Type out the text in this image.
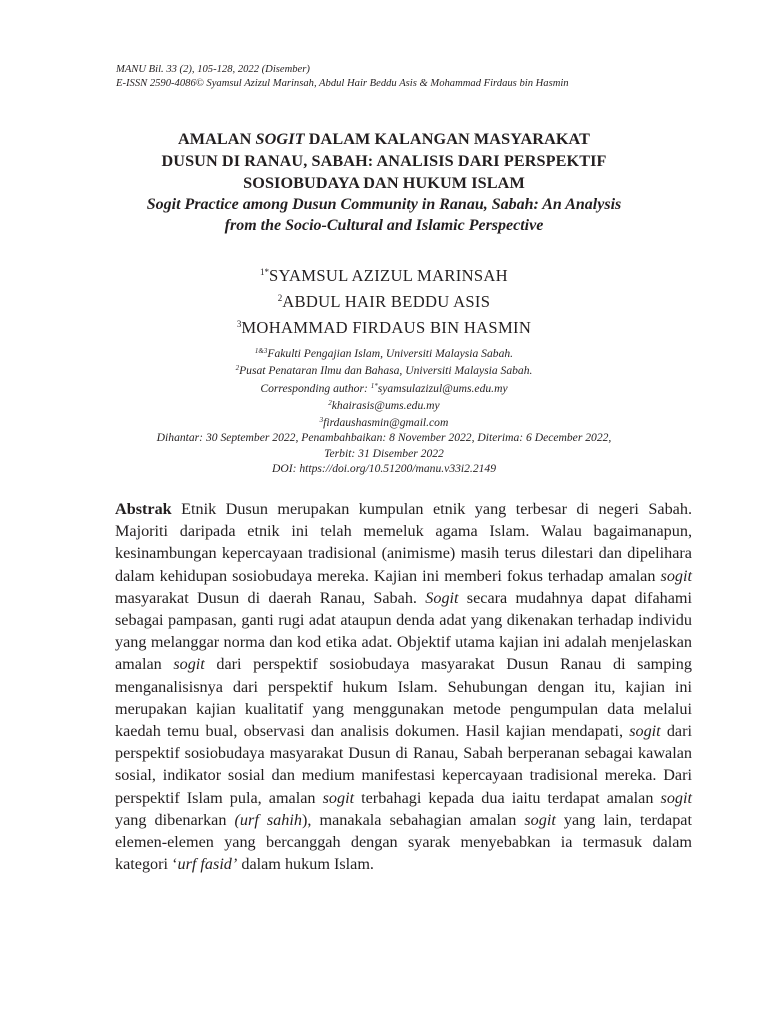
MANU Bil. 33 (2), 105-128, 2022 (Disember)
E-ISSN 2590-4086© Syamsul Azizul Marinsah, Abdul Hair Beddu Asis & Mohammad Firdaus bin Hasmin
AMALAN SOGIT DALAM KALANGAN MASYARAKAT
DUSUN DI RANAU, SABAH: ANALISIS DARI PERSPEKTIF
SOSIOBUDAYA DAN HUKUM ISLAM
Sogit Practice among Dusun Community in Ranau, Sabah: An Analysis
from the Socio-Cultural and Islamic Perspective
$^{1*}$SYAMSUL AZIZUL MARINSAH
$^2$ABDUL HAIR BEDDU ASIS
$^3$MOHAMMAD FIRDAUS BIN HASMIN
$^{1\&3}$Fakulti Pengajian Islam, Universiti Malaysia Sabah.
$^2$Pusat Penataran Ilmu dan Bahasa, Universiti Malaysia Sabah.
Corresponding author: $^{1*}$syamsulazizul@ums.edu.my
$^2$khairasis@ums.edu.my
$^3$firdaushasmin@gmail.com
Dihantar: 30 September 2022, Penambahbaikan: 8 November 2022, Diterima: 6 December 2022,
Terbit: 31 Disember 2022
DOI: https://doi.org/10.51200/manu.v33i2.2149
Abstrak Etnik Dusun merupakan kumpulan etnik yang terbesar di negeri Sabah. Majoriti daripada etnik ini telah memeluk agama Islam. Walau bagaimanapun, kesinambungan kepercayaan tradisional (animisme) masih terus dilestari dan dipelihara dalam kehidupan sosiobudaya mereka. Kajian ini memberi fokus terhadap amalan sogit masyarakat Dusun di daerah Ranau, Sabah. Sogit secara mudahnya dapat difahami sebagai pampasan, ganti rugi adat ataupun denda adat yang dikenakan terhadap individu yang melanggar norma dan kod etika adat. Objektif utama kajian ini adalah menjelaskan amalan sogit dari perspektif sosiobudaya masyarakat Dusun Ranau di samping menganalisisnya dari perspektif hukum Islam. Sehubungan dengan itu, kajian ini merupakan kajian kualitatif yang menggunakan metode pengumpulan data melalui kaedah temu bual, observasi dan analisis dokumen. Hasil kajian mendapati, sogit dari perspektif sosiobudaya masyarakat Dusun di Ranau, Sabah berperanan sebagai kawalan sosial, indikator sosial dan medium manifestasi kepercayaan tradisional mereka. Dari perspektif Islam pula, amalan sogit terbahagi kepada dua iaitu terdapat amalan sogit yang dibenarkan (urf sahih), manakala sebahagian amalan sogit yang lain, terdapat elemen-elemen yang bercanggah dengan syarak menyebabkan ia termasuk dalam kategori ‘urf fasid’ dalam hukum Islam.
